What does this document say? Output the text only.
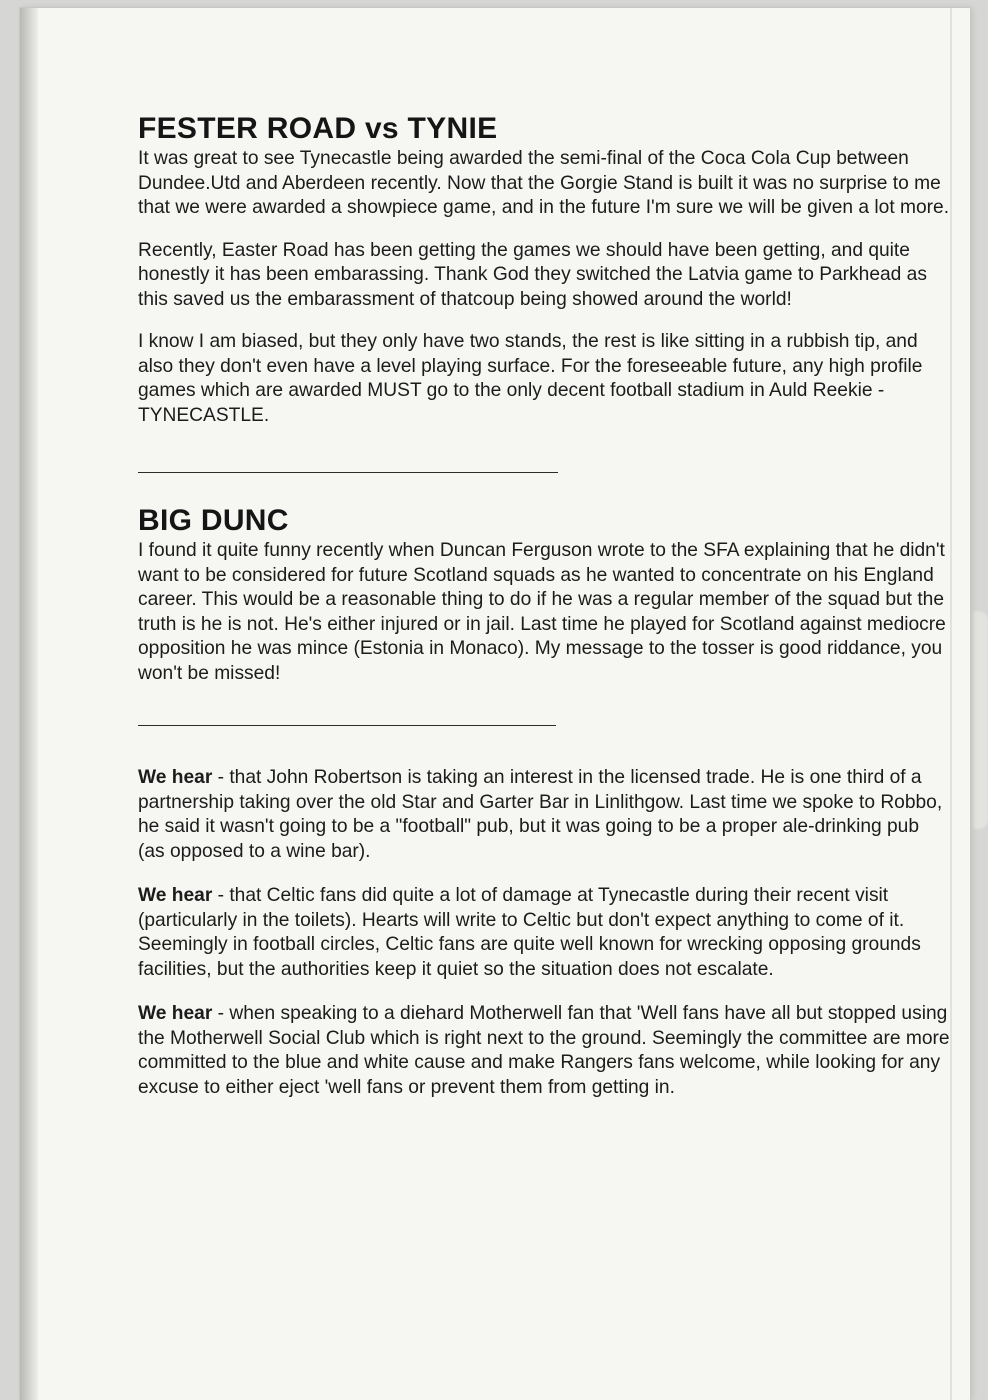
FESTER ROAD vs TYNIE

It was great to see Tynecastle being awarded the semi-final of the Coca Cola Cup between Dundee.Utd and Aberdeen recently. Now that the Gorgie Stand is built it was no surprise to me that we were awarded a showpiece game, and in the future I'm sure we will be given a lot more.

Recently, Easter Road has been getting the games we should have been getting, and quite honestly it has been embarassing. Thank God they switched the Latvia game to Parkhead as this saved us the embarassment of thatcoup being showed around the world!

I know I am biased, but they only have two stands, the rest is like sitting in a rubbish tip, and also they don't even have a level playing surface. For the foreseeable future, any high profile games which are awarded MUST go to the only decent football stadium in Auld Reekie - TYNECASTLE.

BIG DUNC

I found it quite funny recently when Duncan Ferguson wrote to the SFA explaining that he didn't want to be considered for future Scotland squads as he wanted to concentrate on his England career. This would be a reasonable thing to do if he was a regular member of the squad but the truth is he is not. He's either injured or in jail. Last time he played for Scotland against mediocre opposition he was mince (Estonia in Monaco). My message to the tosser is good riddance, you won't be missed!

We hear - that John Robertson is taking an interest in the licensed trade. He is one third of a partnership taking over the old Star and Garter Bar in Linlithgow. Last time we spoke to Robbo, he said it wasn't going to be a "football" pub, but it was going to be a proper ale-drinking pub (as opposed to a wine bar).

We hear - that Celtic fans did quite a lot of damage at Tynecastle during their recent visit (particularly in the toilets). Hearts will write to Celtic but don't expect anything to come of it. Seemingly in football circles, Celtic fans are quite well known for wrecking opposing grounds facilities, but the authorities keep it quiet so the situation does not escalate.

We hear - when speaking to a diehard Motherwell fan that 'Well fans have all but stopped using the Motherwell Social Club which is right next to the ground. Seemingly the committee are more committed to the blue and white cause and make Rangers fans welcome, while looking for any excuse to either eject 'well fans or prevent them from getting in.
